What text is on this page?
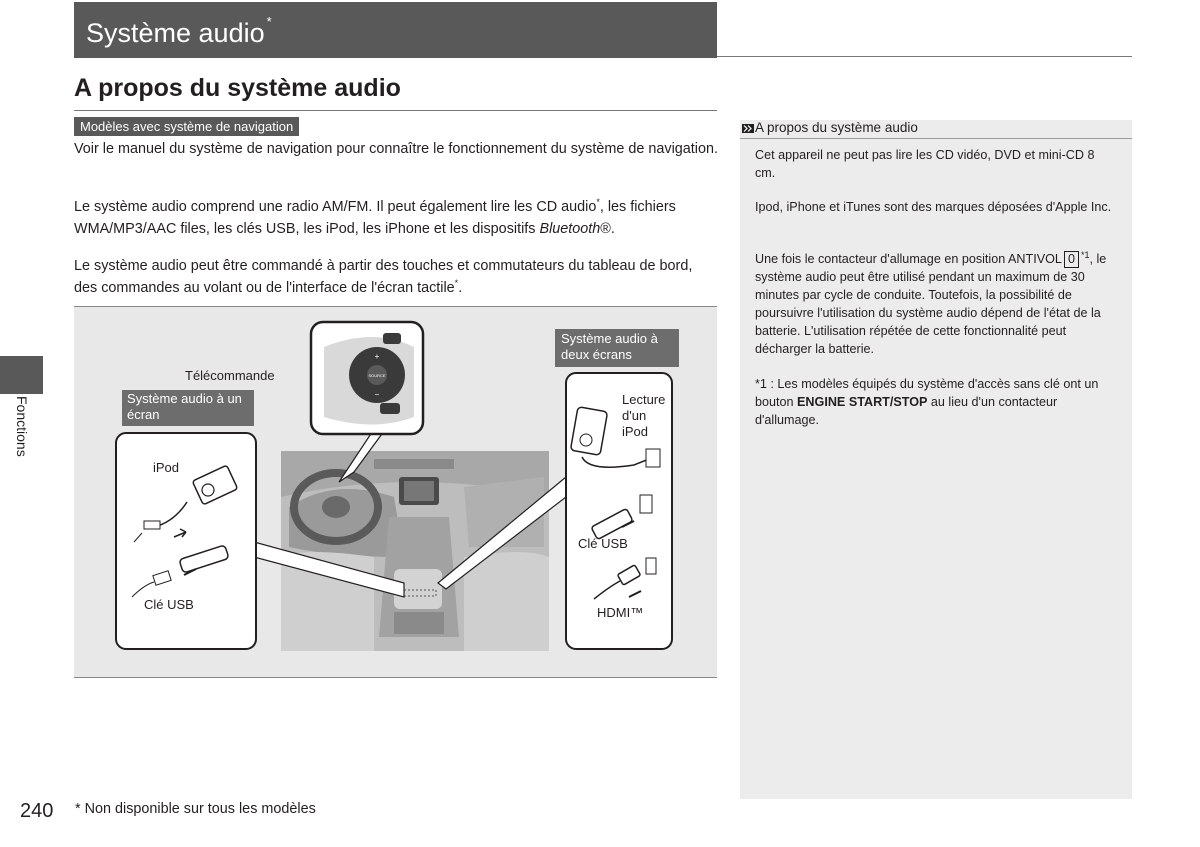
Système audio *
A propos du système audio
Modèles avec système de navigation
Fonctions
Voir le manuel du système de navigation pour connaître le fonctionnement du système de navigation.
Le système audio comprend une radio AM/FM. Il peut également lire les CD audio*, les fichiers WMA/MP3/AAC files, les clés USB, les iPod, les iPhone et les dispositifs Bluetooth®.
Le système audio peut être commandé à partir des touches et commutateurs du tableau de bord, des commandes au volant ou de l'interface de l'écran tactile*.
SOURCE
+
−
Système audio à un
écran
iPod
Clé USB
Télécommande
Système audio à
deux écrans
Lecture
d'un
iPod
Clé USB
HDMI™
A propos du système audio
Cet appareil ne peut pas lire les CD vidéo, DVD et mini-CD 8 cm.
Ipod, iPhone et iTunes sont des marques déposées d'Apple Inc.
Une fois le contacteur d'allumage en position ANTIVOL 0 $^{*1}$, le système audio peut être utilisé pendant un maximum de 30 minutes par cycle de conduite. Toutefois, la possibilité de poursuivre l'utilisation du système audio dépend de l'état de la batterie. L'utilisation répétée de cette fonctionnalité peut décharger la batterie.
*1 : Les modèles équipés du système d'accès sans clé ont un bouton ENGINE START/STOP au lieu d'un contacteur d'allumage.
240 * Non disponible sur tous les modèles
